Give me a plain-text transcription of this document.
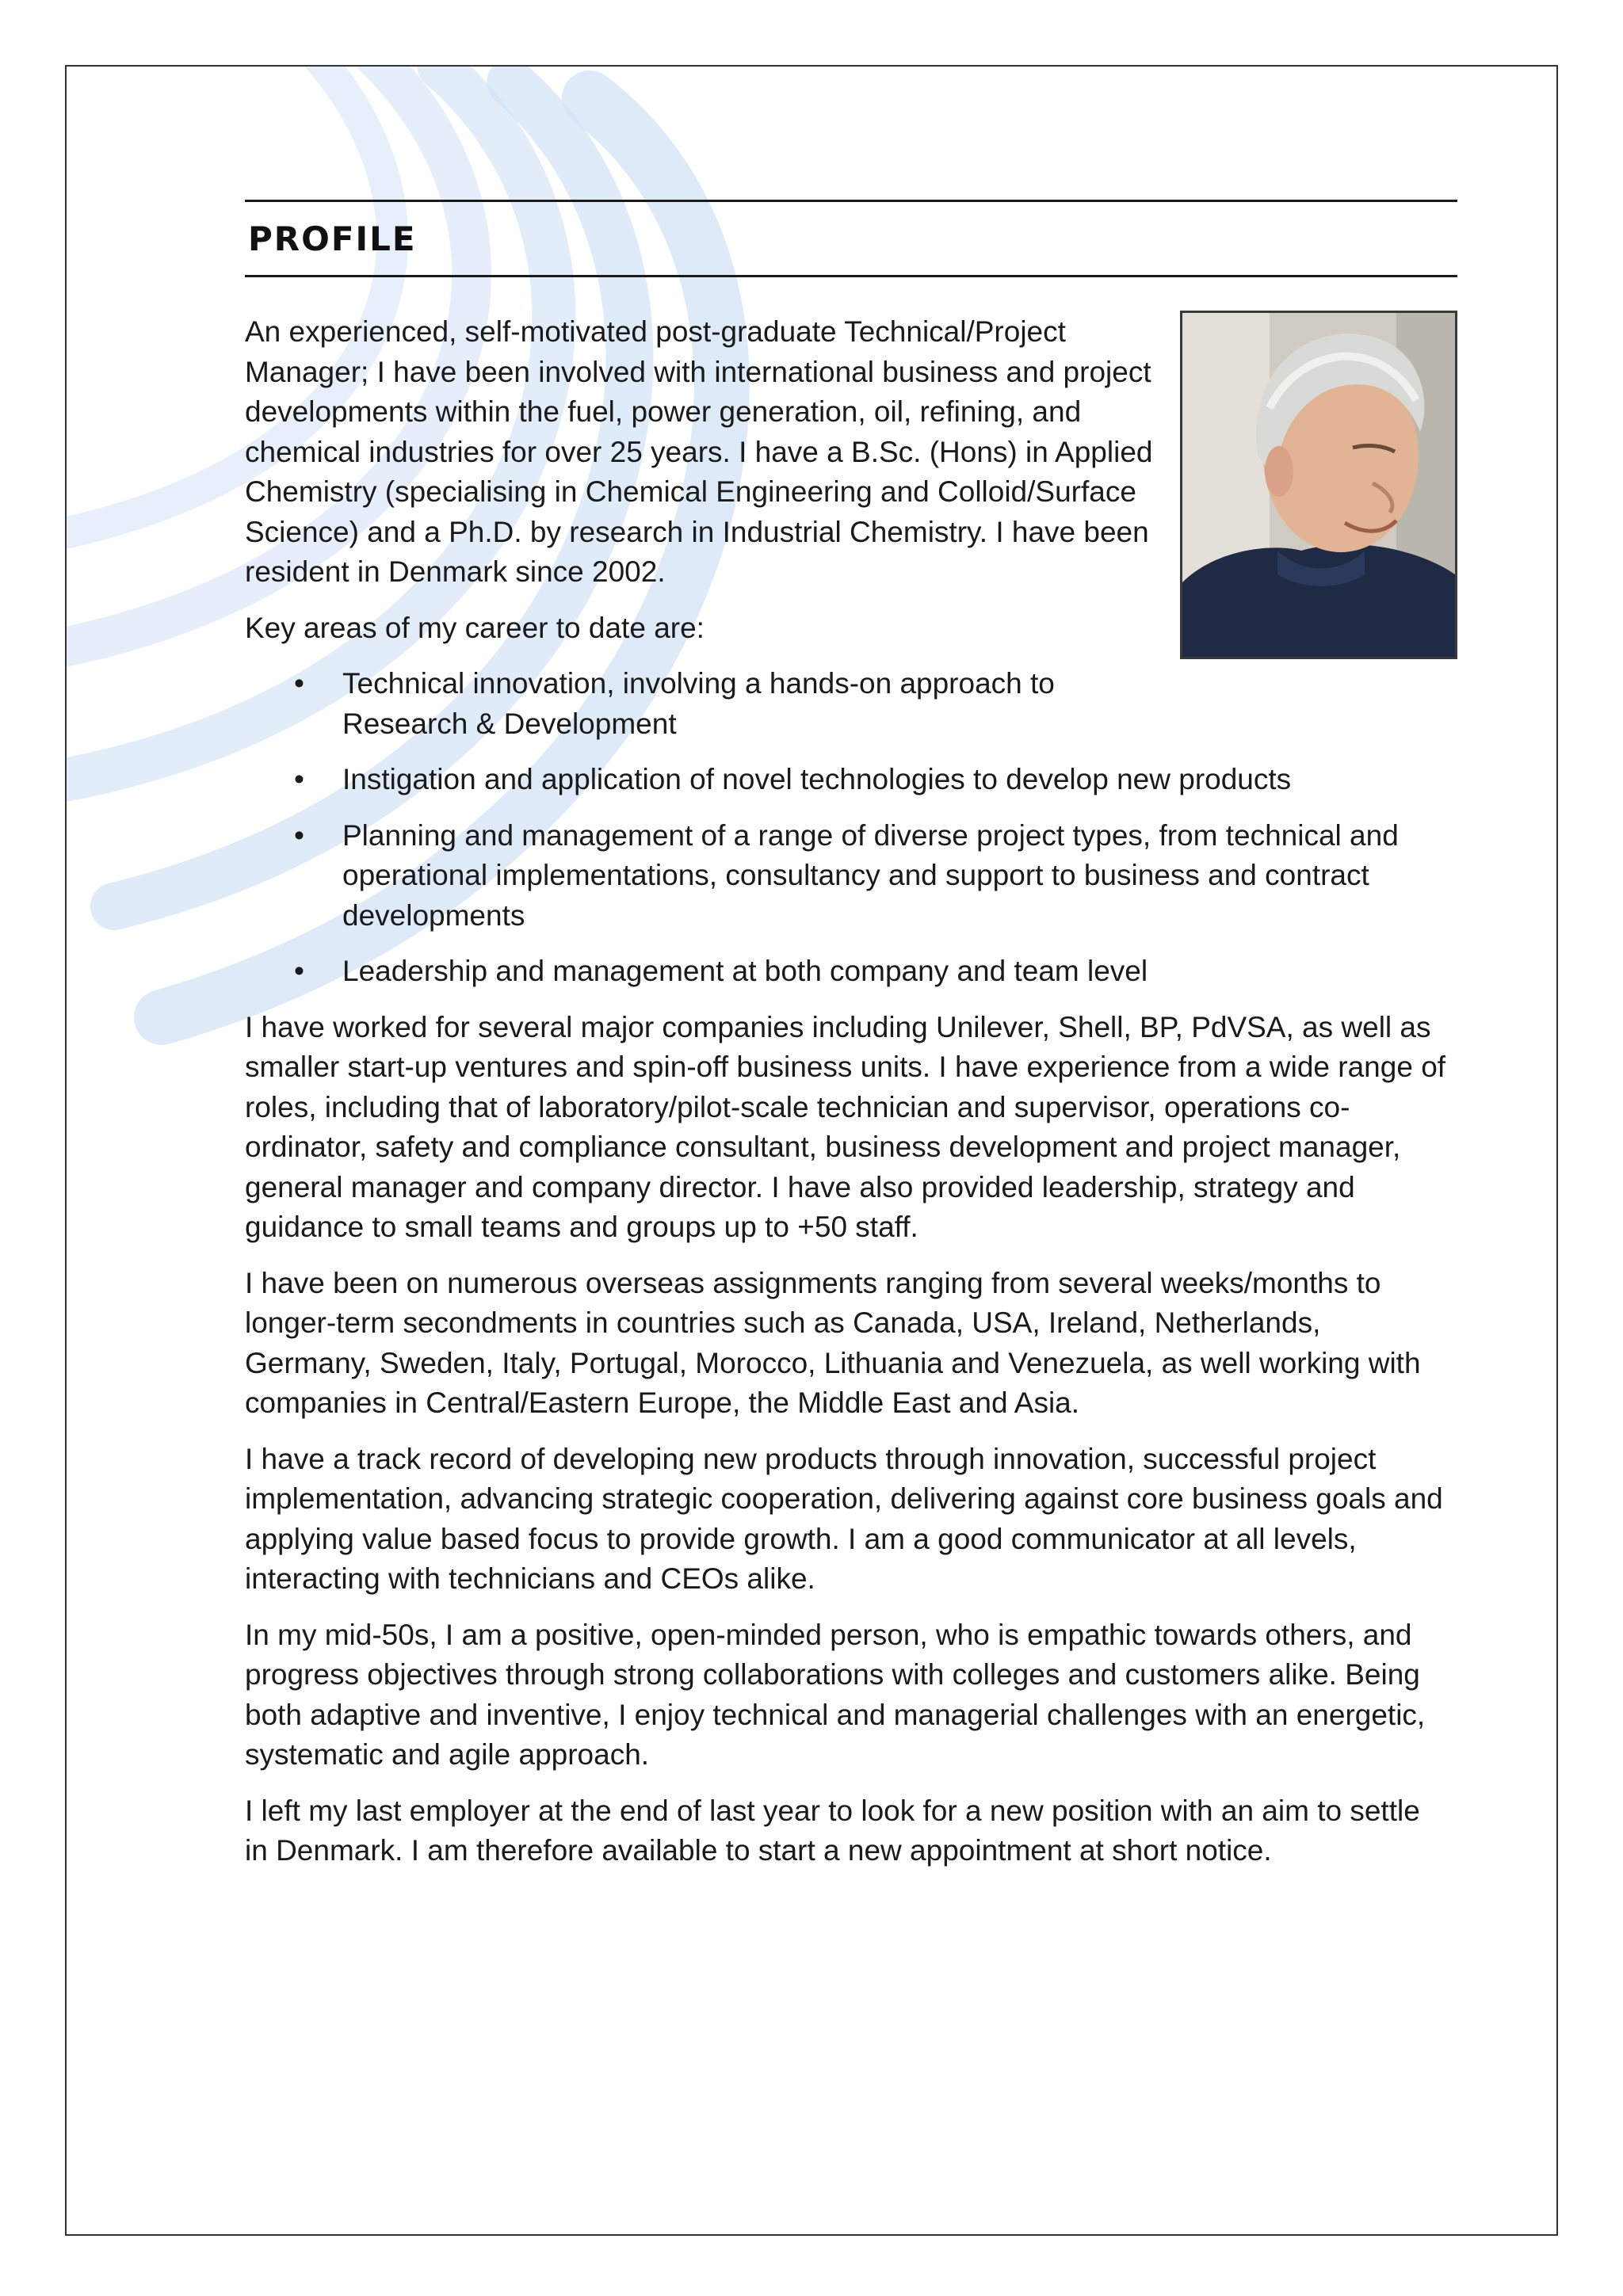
PROFILE

An experienced, self-motivated post-graduate Technical/Project Manager; I have been involved with international business and project developments within the fuel, power generation, oil, refining, and chemical industries for over 25 years. I have a B.Sc. (Hons) in Applied Chemistry (specialising in Chemical Engineering and Colloid/Surface Science) and a Ph.D. by research in Industrial Chemistry. I have been resident in Denmark since 2002.

Key areas of my career to date are:

• Technical innovation, involving a hands-on approach to Research & Development
• Instigation and application of novel technologies to develop new products
• Planning and management of a range of diverse project types, from technical and operational implementations, consultancy and support to business and contract developments
• Leadership and management at both company and team level

I have worked for several major companies including Unilever, Shell, BP, PdVSA, as well as smaller start-up ventures and spin-off business units. I have experience from a wide range of roles, including that of laboratory/pilot-scale technician and supervisor, operations co-ordinator, safety and compliance consultant, business development and project manager, general manager and company director. I have also provided leadership, strategy and guidance to small teams and groups up to +50 staff.

I have been on numerous overseas assignments ranging from several weeks/months to longer-term secondments in countries such as Canada, USA, Ireland, Netherlands, Germany, Sweden, Italy, Portugal, Morocco, Lithuania and Venezuela, as well working with companies in Central/Eastern Europe, the Middle East and Asia.

I have a track record of developing new products through innovation, successful project implementation, advancing strategic cooperation, delivering against core business goals and applying value based focus to provide growth. I am a good communicator at all levels, interacting with technicians and CEOs alike.

In my mid-50s, I am a positive, open-minded person, who is empathic towards others, and progress objectives through strong collaborations with colleges and customers alike. Being both adaptive and inventive, I enjoy technical and managerial challenges with an energetic, systematic and agile approach.

I left my last employer at the end of last year to look for a new position with an aim to settle in Denmark. I am therefore available to start a new appointment at short notice.
